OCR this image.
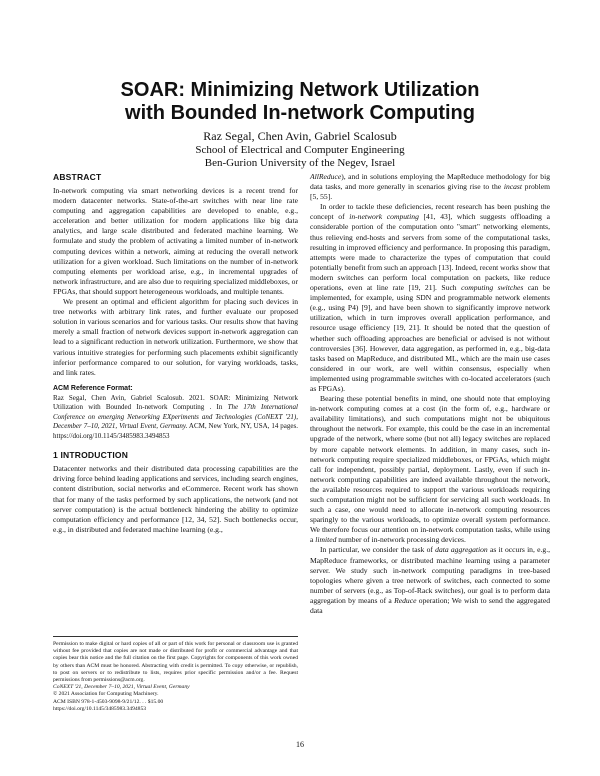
SOAR: Minimizing Network Utilization
with Bounded In-network Computing
Raz Segal, Chen Avin, Gabriel Scalosub
School of Electrical and Computer Engineering
Ben-Gurion University of the Negev, Israel
ABSTRACT

In-network computing via smart networking devices is a recent trend for modern datacenter networks. State-of-the-art switches with near line rate computing and aggregation capabilities are developed to enable, e.g., acceleration and better utilization for modern applications like big data analytics, and large scale distributed and federated machine learning. We formulate and study the problem of activating a limited number of in-network computing devices within a network, aiming at reducing the overall network utilization for a given workload. Such limitations on the number of in-network computing elements per workload arise, e.g., in incremental upgrades of network infrastructure, and are also due to requiring specialized middleboxes, or FPGAs, that should support heterogeneous workloads, and multiple tenants.

We present an optimal and efficient algorithm for placing such devices in tree networks with arbitrary link rates, and further evaluate our proposed solution in various scenarios and for various tasks. Our results show that having merely a small fraction of network devices support in-network aggregation can lead to a significant reduction in network utilization. Furthermore, we show that various intuitive strategies for performing such placements exhibit significantly inferior performance compared to our solution, for varying workloads, tasks, and link rates.

ACM Reference Format:

Raz Segal, Chen Avin, Gabriel Scalosub. 2021. SOAR: Minimizing Network Utilization with Bounded In-network Computing . In The 17th International Conference on emerging Networking EXperiments and Technologies (CoNEXT '21), December 7–10, 2021, Virtual Event, Germany. ACM, New York, NY, USA, 14 pages. https://doi.org/10.1145/3485983.3494853

1 INTRODUCTION

Datacenter networks and their distributed data processing capabilities are the driving force behind leading applications and services, including search engines, content distribution, social networks and eCommerce. Recent work has shown that for many of the tasks performed by such applications, the network (and not server computation) is the actual bottleneck hindering the ability to optimize computation efficiency and performance [12, 34, 52]. Such bottlenecks occur, e.g., in distributed and federated machine learning (e.g.,

Permission to make digital or hard copies of all or part of this work for personal or classroom use is granted without fee provided that copies are not made or distributed for profit or commercial advantage and that copies bear this notice and the full citation on the first page. Copyrights for components of this work owned by others than ACM must be honored. Abstracting with credit is permitted. To copy otherwise, or republish, to post on servers or to redistribute to lists, requires prior specific permission and/or a fee. Request permissions from permissions@acm.org.

CoNEXT '21, December 7–10, 2021, Virtual Event, Germany

© 2021 Association for Computing Machinery.

ACM ISBN 978-1-4503-9098-9/21/12. . . $15.00

https://doi.org/10.1145/3485983.3494853

AllReduce), and in solutions employing the MapReduce methodology for big data tasks, and more generally in scenarios giving rise to the incast problem [5, 55].

In order to tackle these deficiencies, recent research has been pushing the concept of in-network computing [41, 43], which suggests offloading a considerable portion of the computation onto "smart" networking elements, thus relieving end-hosts and servers from some of the computational tasks, resulting in improved efficiency and performance. In proposing this paradigm, attempts were made to characterize the types of computation that could potentially benefit from such an approach [13]. Indeed, recent works show that modern switches can perform local computation on packets, like reduce operations, even at line rate [19, 21]. Such computing switches can be implemented, for example, using SDN and programmable network elements (e.g., using P4) [9], and have been shown to significantly improve network utilization, which in turn improves overall application performance, and resource usage efficiency [19, 21]. It should be noted that the question of whether such offloading approaches are beneficial or advised is not without controversies [36]. However, data aggregation, as performed in, e.g., big-data tasks based on MapReduce, and distributed ML, which are the main use cases considered in our work, are well within consensus, especially when implemented using programmable switches with co-located accelerators (such as FPGAs).

Bearing these potential benefits in mind, one should note that employing in-network computing comes at a cost (in the form of, e.g., hardware or availability limitations), and such computations might not be ubiquitous throughout the network. For example, this could be the case in an incremental upgrade of the network, where some (but not all) legacy switches are replaced by more capable network elements. In addition, in many cases, such in-network computing require specialized middleboxes, or FPGAs, which might call for independent, possibly partial, deployment. Lastly, even if such in-network computing capabilities are indeed available throughout the network, the available resources required to support the various workloads requiring such computation might not be sufficient for servicing all such workloads. In such a case, one would need to allocate in-network computing resources sparingly to the various workloads, to optimize overall system performance. We therefore focus our attention on in-network computation tasks, while using a limited number of in-network processing devices.

In particular, we consider the task of data aggregation as it occurs in, e.g., MapReduce frameworks, or distributed machine learning using a parameter server. We study such in-network computing paradigms in tree-based topologies where given a tree network of switches, each connected to some number of servers (e.g., as Top-of-Rack switches), our goal is to perform data aggregation by means of a Reduce operation; We wish to send the aggregated data

16
